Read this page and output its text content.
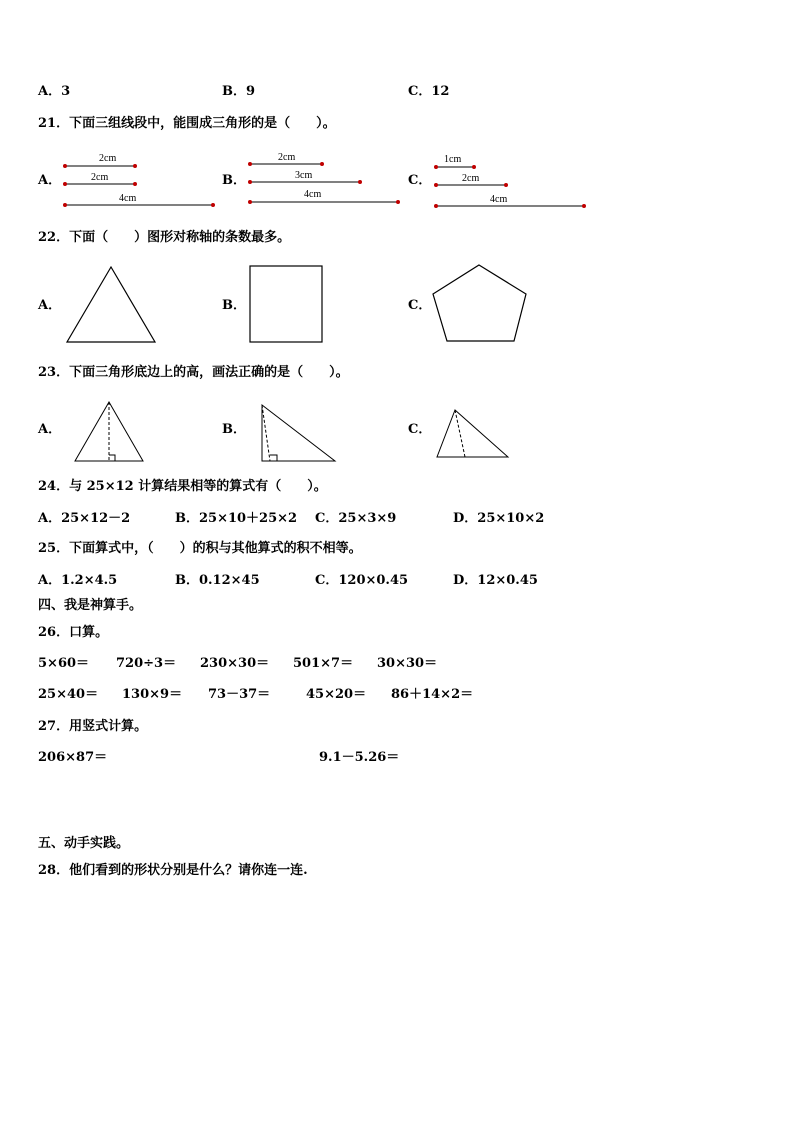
A．3	B．9	C．12
21．下面三组线段中，能围成三角形的是（　　）。
A．
2cm
2cm
4cm
B．
2cm
3cm
4cm
C．
1cm
2cm
4cm
22．下面（　　）图形对称轴的条数最多。
A．	B．	C．
23．下面三角形底边上的高，画法正确的是（　　）。
A．	B．	C．
24．与 25×12 计算结果相等的算式有（　　）。
A．25×12－2	B．25×10＋25×2 C．25×3×9	D．25×10×2
25．下面算式中，（　　）的积与其他算式的积不相等。
A．1.2×4.5	B．0.12×45	C．120×0.45	D．12×0.45
四、我是神算手。
26．口算。
5×60＝ 720÷3＝ 230×30＝ 501×7＝ 30×30＝
25×40＝ 130×9＝ 73－37＝	45×20＝ 86＋14×2＝
27．用竖式计算。
206×87＝	9.1－5.26＝
五、动手实践。
28．他们看到的形状分别是什么？请你连一连.
